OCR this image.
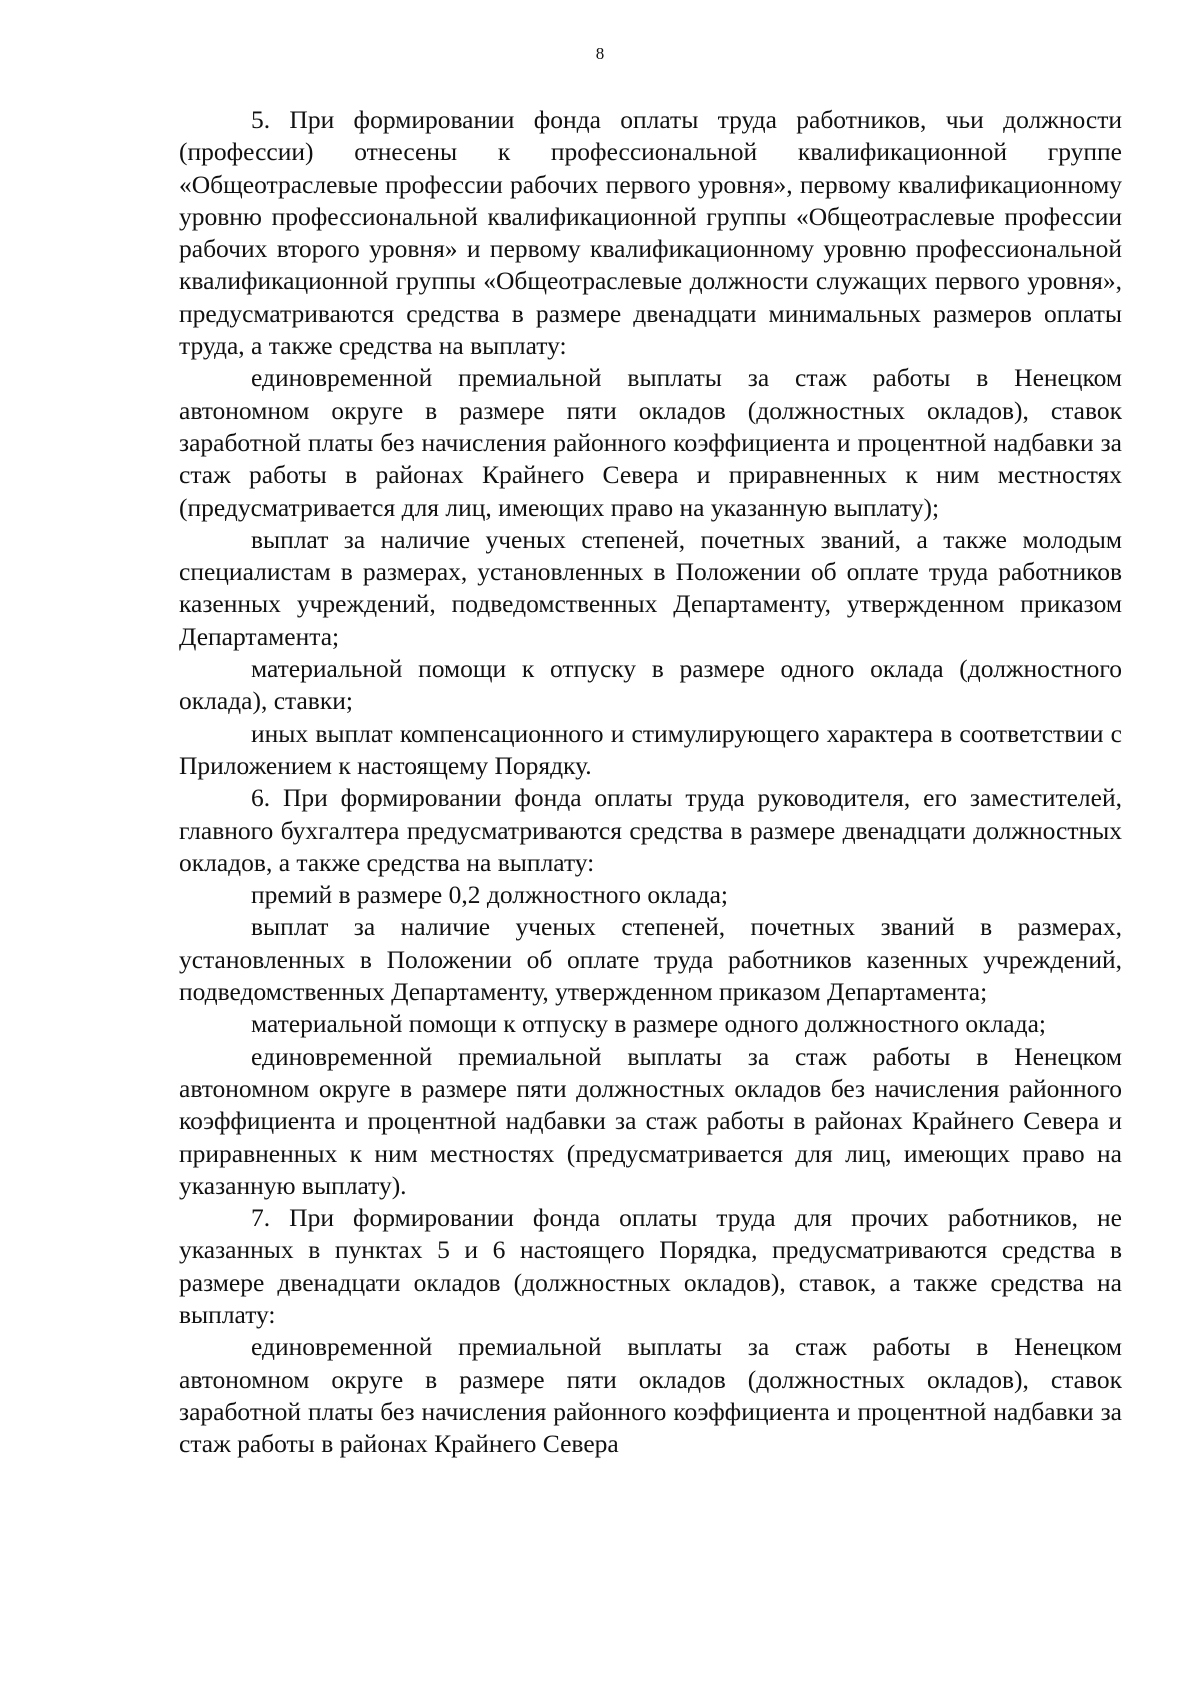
8

5. При формировании фонда оплаты труда работников, чьи должности (профессии) отнесены к профессиональной квалификационной группе «Общеотраслевые профессии рабочих первого уровня», первому квалификационному уровню профессиональной квалификационной группы «Общеотраслевые профессии рабочих второго уровня» и первому квалификационному уровню профессиональной квалификационной группы «Общеотраслевые должности служащих первого уровня», предусматриваются средства в размере двенадцати минимальных размеров оплаты труда, а также средства на выплату:

единовременной премиальной выплаты за стаж работы в Ненецком автономном округе в размере пяти окладов (должностных окладов), ставок заработной платы без начисления районного коэффициента и процентной надбавки за стаж работы в районах Крайнего Севера и приравненных к ним местностях (предусматривается для лиц, имеющих право на указанную выплату);

выплат за наличие ученых степеней, почетных званий, а также молодым специалистам в размерах, установленных в Положении об оплате труда работников казенных учреждений, подведомственных Департаменту, утвержденном приказом Департамента;

материальной помощи к отпуску в размере одного оклада (должностного оклада), ставки;

иных выплат компенсационного и стимулирующего характера в соответствии с Приложением к настоящему Порядку.

6. При формировании фонда оплаты труда руководителя, его заместителей, главного бухгалтера предусматриваются средства в размере двенадцати должностных окладов, а также средства на выплату:

премий в размере 0,2 должностного оклада;

выплат за наличие ученых степеней, почетных званий в размерах, установленных в Положении об оплате труда работников казенных учреждений, подведомственных Департаменту, утвержденном приказом Департамента;

материальной помощи к отпуску в размере одного должностного оклада;

единовременной премиальной выплаты за стаж работы в Ненецком автономном округе в размере пяти должностных окладов без начисления районного коэффициента и процентной надбавки за стаж работы в районах Крайнего Севера и приравненных к ним местностях (предусматривается для лиц, имеющих право на указанную выплату).

7. При формировании фонда оплаты труда для прочих работников, не указанных в пунктах 5 и 6 настоящего Порядка, предусматриваются средства в размере двенадцати окладов (должностных окладов), ставок, а также средства на выплату:

единовременной премиальной выплаты за стаж работы в Ненецком автономном округе в размере пяти окладов (должностных окладов), ставок заработной платы без начисления районного коэффициента и процентной надбавки за стаж работы в районах Крайнего Севера
